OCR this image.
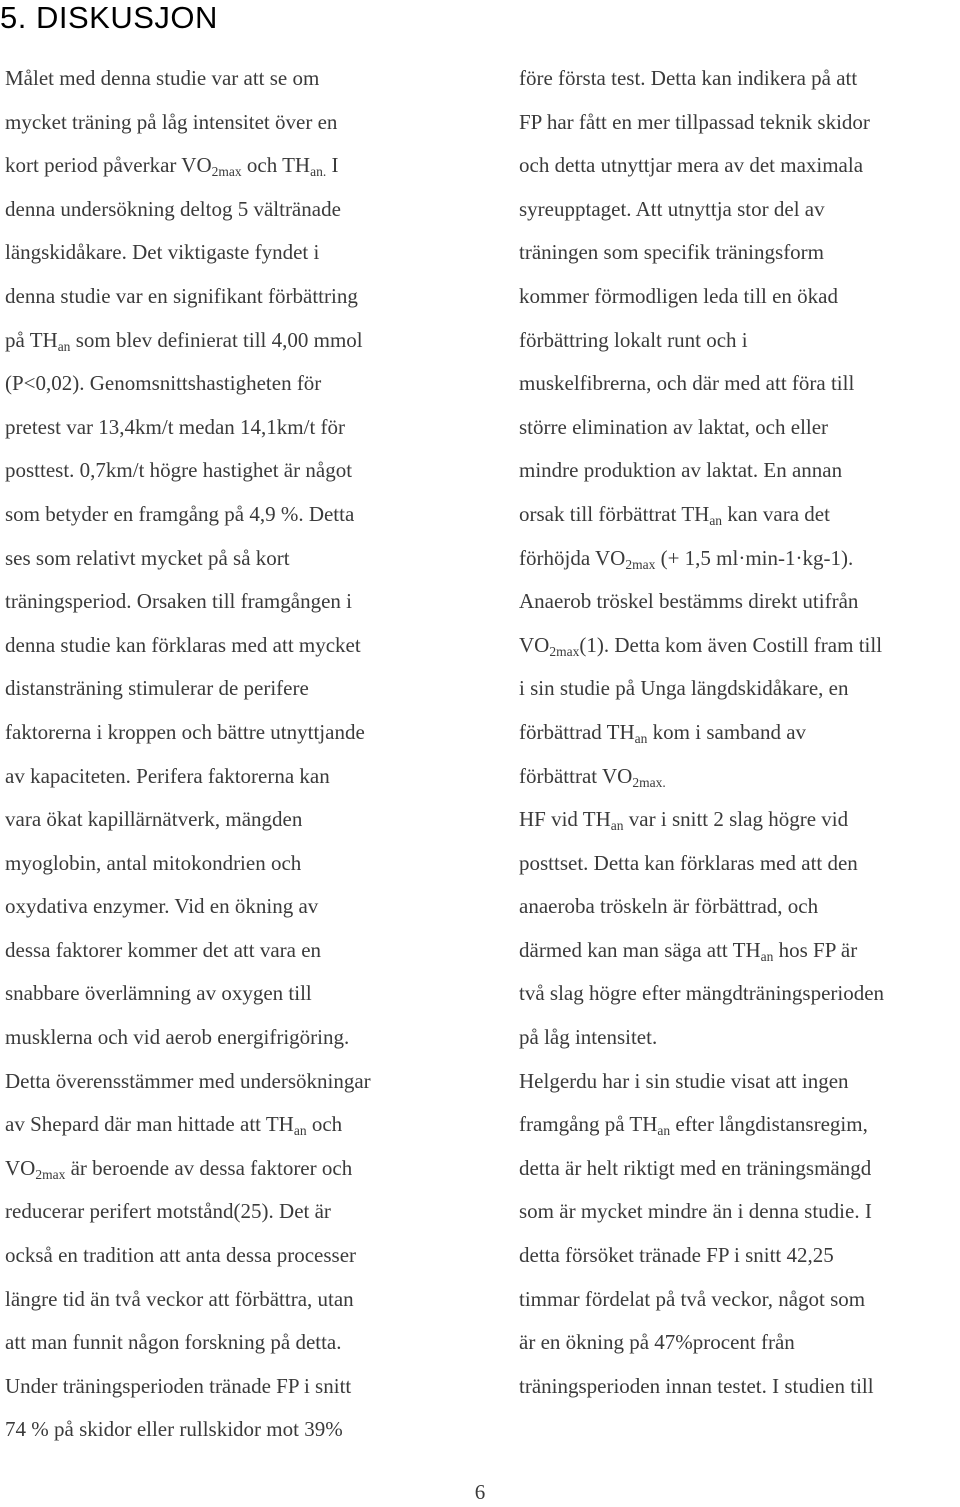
5. DISKUSJON
Målet med denna studie var att se om
mycket träning på låg intensitet över en
kort period påverkar $VO_{2max}$ och $TH_{an.}$ I
denna undersökning deltog 5 vältränade
längskidåkare. Det viktigaste fyndet i
denna studie var en signifikant förbättring
på $TH_{an}$ som blev definierat till 4,00 mmol
(P<0,02). Genomsnittshastigheten för
pretest var 13,4km/t medan 14,1km/t för
posttest. 0,7km/t högre hastighet är något
som betyder en framgång på 4,9 %. Detta
ses som relativt mycket på så kort
träningsperiod. Orsaken till framgången i
denna studie kan förklaras med att mycket
distansträning stimulerar de perifere
faktorerna i kroppen och bättre utnyttjande
av kapaciteten. Perifera faktorerna kan
vara ökat kapillärnätverk, mängden
myoglobin, antal mitokondrien och
oxydativa enzymer. Vid en ökning av
dessa faktorer kommer det att vara en
snabbare överlämning av oxygen till
musklerna och vid aerob energifrigöring.
Detta överensstämmer med undersökningar
av Shepard där man hittade att $TH_{an}$ och
$VO_{2max}$ är beroende av dessa faktorer och
reducerar perifert motstånd(25). Det är
också en tradition att anta dessa processer
längre tid än två veckor att förbättra, utan
att man funnit någon forskning på detta.
Under träningsperioden tränade FP i snitt
74 % på skidor eller rullskidor mot 39%
före första test. Detta kan indikera på att
FP har fått en mer tillpassad teknik skidor
och detta utnyttjar mera av det maximala
syreupptaget. Att utnyttja stor del av
träningen som specifik träningsform
kommer förmodligen leda till en ökad
förbättring lokalt runt och i
muskelfibrerna, och där med att föra till
större elimination av laktat, och eller
mindre produktion av laktat. En annan
orsak till förbättrat $TH_{an}$ kan vara det
förhöjda $VO_{2max}$ (+ 1,5 ml·min-1·kg-1).
Anaerob tröskel bestämms direkt utifrån
$VO_{2max}(1)$. Detta kom även Costill fram till
i sin studie på Unga längdskidåkare, en
förbättrad $TH_{an}$ kom i samband av
förbättrat $VO_{2max.}$
HF vid $TH_{an}$ var i snitt 2 slag högre vid
posttset. Detta kan förklaras med att den
anaeroba tröskeln är förbättrad, och
därmed kan man säga att $TH_{an}$ hos FP är
två slag högre efter mängdträningsperioden
på låg intensitet.
Helgerdu har i sin studie visat att ingen
framgång på $TH_{an}$ efter långdistansregim,
detta är helt riktigt med en träningsmängd
som är mycket mindre än i denna studie. I
detta försöket tränade FP i snitt 42,25
timmar fördelat på två veckor, något som
är en ökning på 47%procent från
träningsperioden innan testet. I studien till
6
